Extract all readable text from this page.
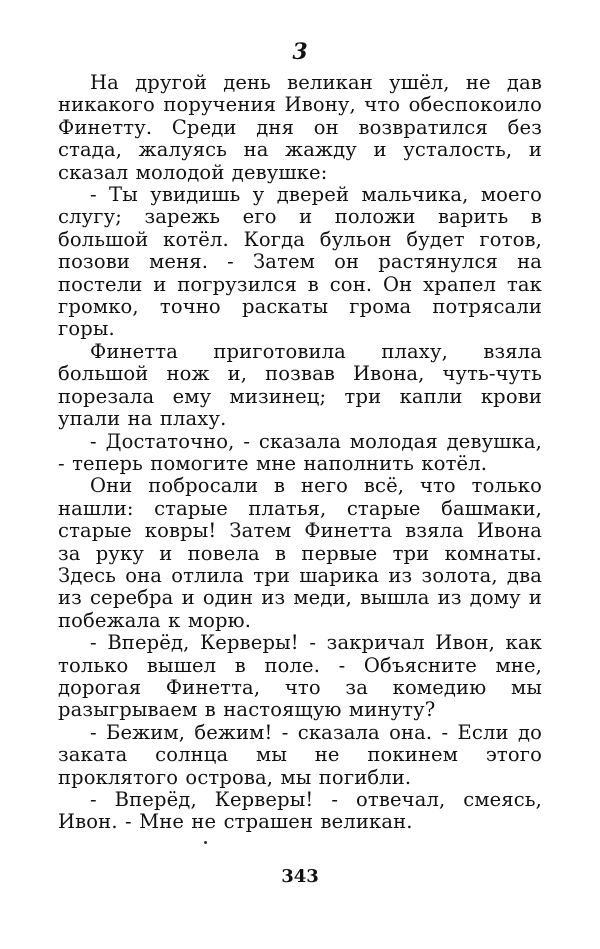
3

На другой день великан ушёл, не дав никакого поручения Ивону, что обеспокоило Финетту. Среди дня он возвратился без стада, жалуясь на жажду и усталость, и сказал молодой девушке:

- Ты увидишь у дверей мальчика, моего слугу; зарежь его и положи варить в большой котёл. Когда бульон будет готов, позови меня. - Затем он растянулся на постели и погрузился в сон. Он храпел так громко, точно раскаты грома потрясали горы.

Финетта приготовила плаху, взяла большой нож и, позвав Ивона, чуть-чуть порезала ему мизинец; три капли крови упали на плаху.

- Достаточно, - сказала молодая девушка, - теперь помогите мне наполнить котёл.

Они побросали в него всё, что только нашли: старые платья, старые башмаки, старые ковры! Затем Финетта взяла Ивона за руку и повела в первые три комнаты. Здесь она отлила три шарика из золота, два из серебра и один из меди, вышла из дому и побежала к морю.

- Вперёд, Керверы! - закричал Ивон, как только вышел в поле. - Объясните мне, дорогая Финетта, что за комедию мы разыгрываем в настоящую минуту?

- Бежим, бежим! - сказала она. - Если до заката солнца мы не покинем этого проклятого острова, мы погибли.

- Вперёд, Керверы! - отвечал, смеясь, Ивон. - Мне не страшен великан.

343
